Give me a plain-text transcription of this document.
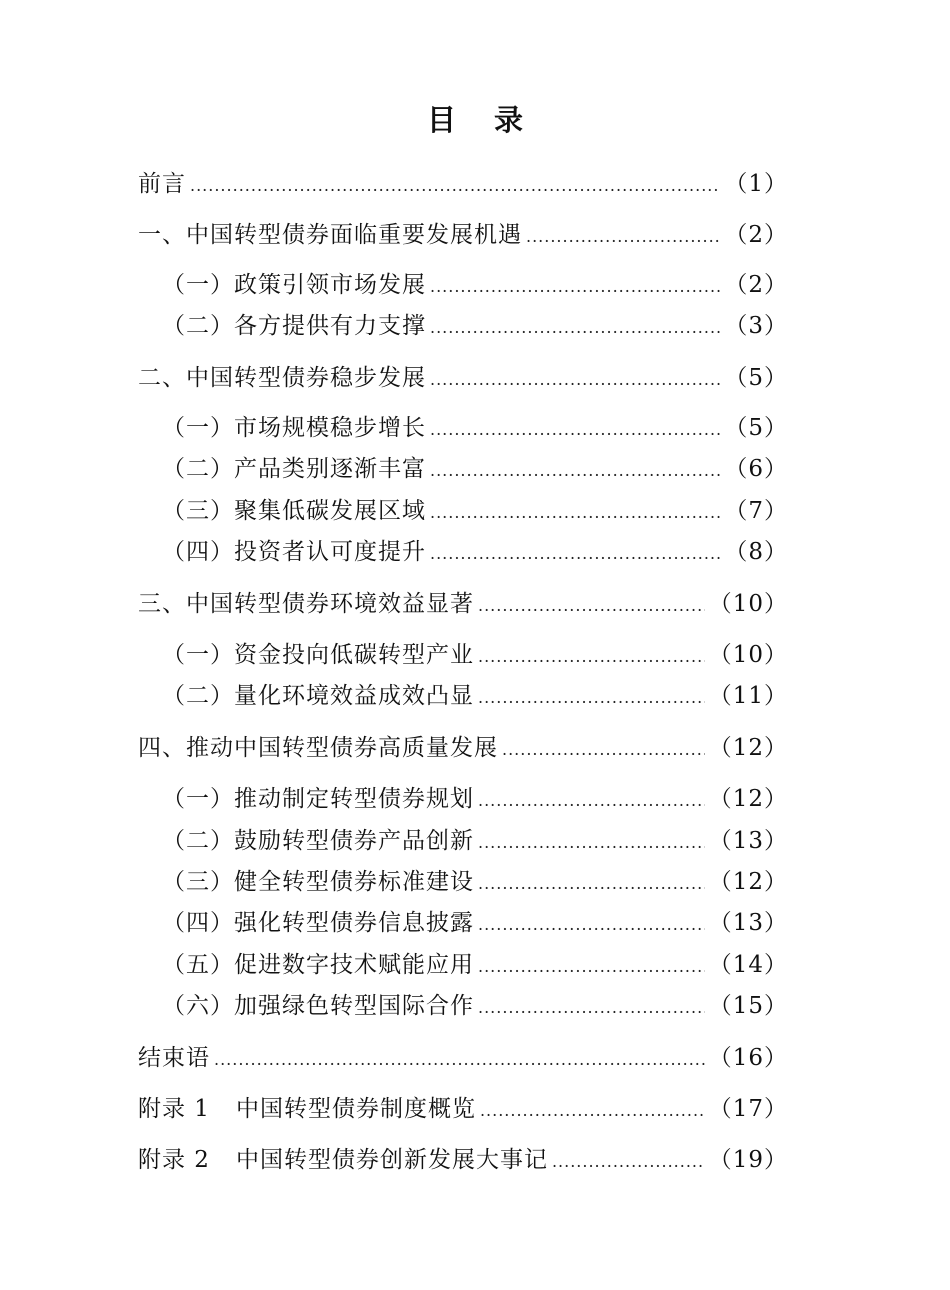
目 录
前言 .....	（1）
一、中国转型债券面临重要发展机遇 .....	（2）
（一）政策引领市场发展 .....	（2）
（二）各方提供有力支撑 .....	（3）
二、中国转型债券稳步发展 .....	（5）
（一）市场规模稳步增长 .....	（5）
（二）产品类别逐渐丰富 .....	（6）
（三）聚集低碳发展区域 .....	（7）
（四）投资者认可度提升 .....	（8）
三、中国转型债券环境效益显著 .....	（10）
（一）资金投向低碳转型产业 .....	（10）
（二）量化环境效益成效凸显 .....	（11）
四、推动中国转型债券高质量发展 .....	（12）
（一）推动制定转型债券规划 .....	（12）
（二）鼓励转型债券产品创新 .....	（13）
（三）健全转型债券标准建设 .....	（12）
（四）强化转型债券信息披露 .....	（13）
（五）促进数字技术赋能应用 .....	（14）
（六）加强绿色转型国际合作 .....	（15）
结束语 .....	（16）
附录 1 中国转型债券制度概览 .....	（17）
附录 2 中国转型债券创新发展大事记 .....	（19）
